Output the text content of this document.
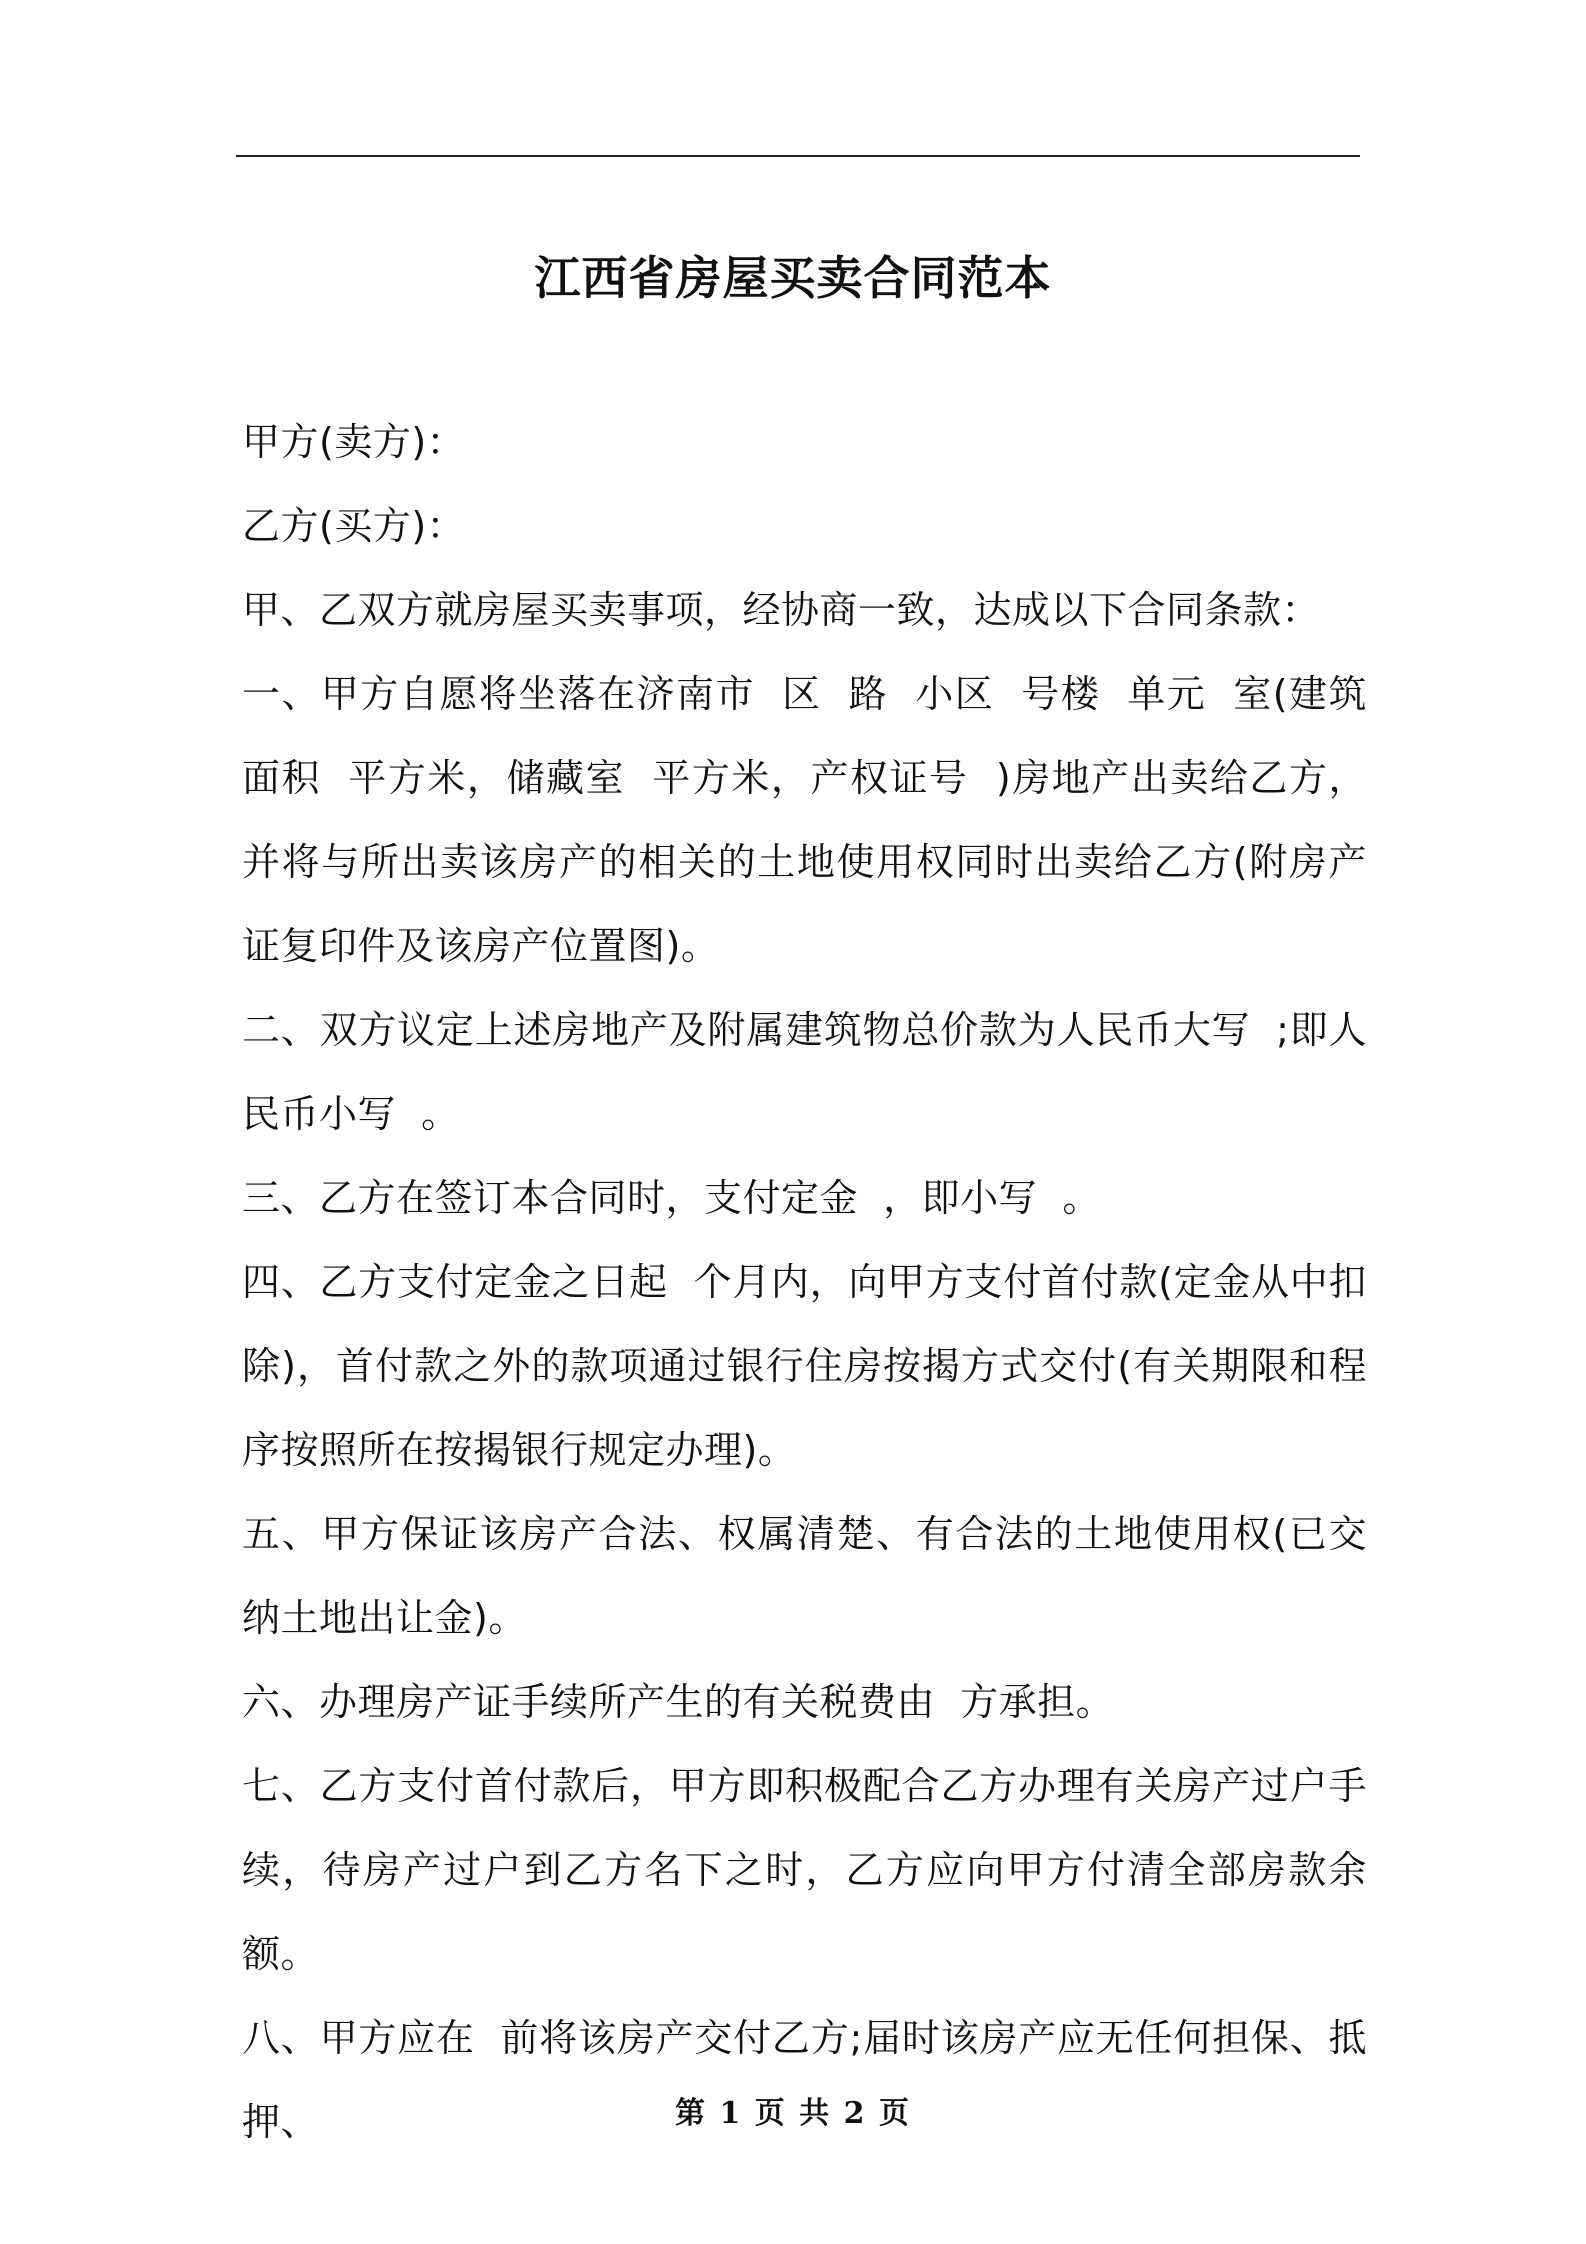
江西省房屋买卖合同范本

甲方(卖方)：

乙方(买方)：

甲、乙双方就房屋买卖事项，经协商一致，达成以下合同条款：

一、甲方自愿将坐落在济南市  区  路  小区  号楼  单元  室(建筑面积  平方米，储藏室  平方米，产权证号  )房地产出卖给乙方，并将与所出卖该房产的相关的土地使用权同时出卖给乙方(附房产证复印件及该房产位置图)。

二、双方议定上述房地产及附属建筑物总价款为人民币大写  ;即人民币小写  。

三、乙方在签订本合同时，支付定金  ，即小写  。

四、乙方支付定金之日起  个月内，向甲方支付首付款(定金从中扣除)，首付款之外的款项通过银行住房按揭方式交付(有关期限和程序按照所在按揭银行规定办理)。

五、甲方保证该房产合法、权属清楚、有合法的土地使用权(已交纳土地出让金)。

六、办理房产证手续所产生的有关税费由  方承担。

七、乙方支付首付款后，甲方即积极配合乙方办理有关房产过户手续，待房产过户到乙方名下之时，乙方应向甲方付清全部房款余额。

八、甲方应在  前将该房产交付乙方;届时该房产应无任何担保、抵押、	第 1 页 共 2 页
